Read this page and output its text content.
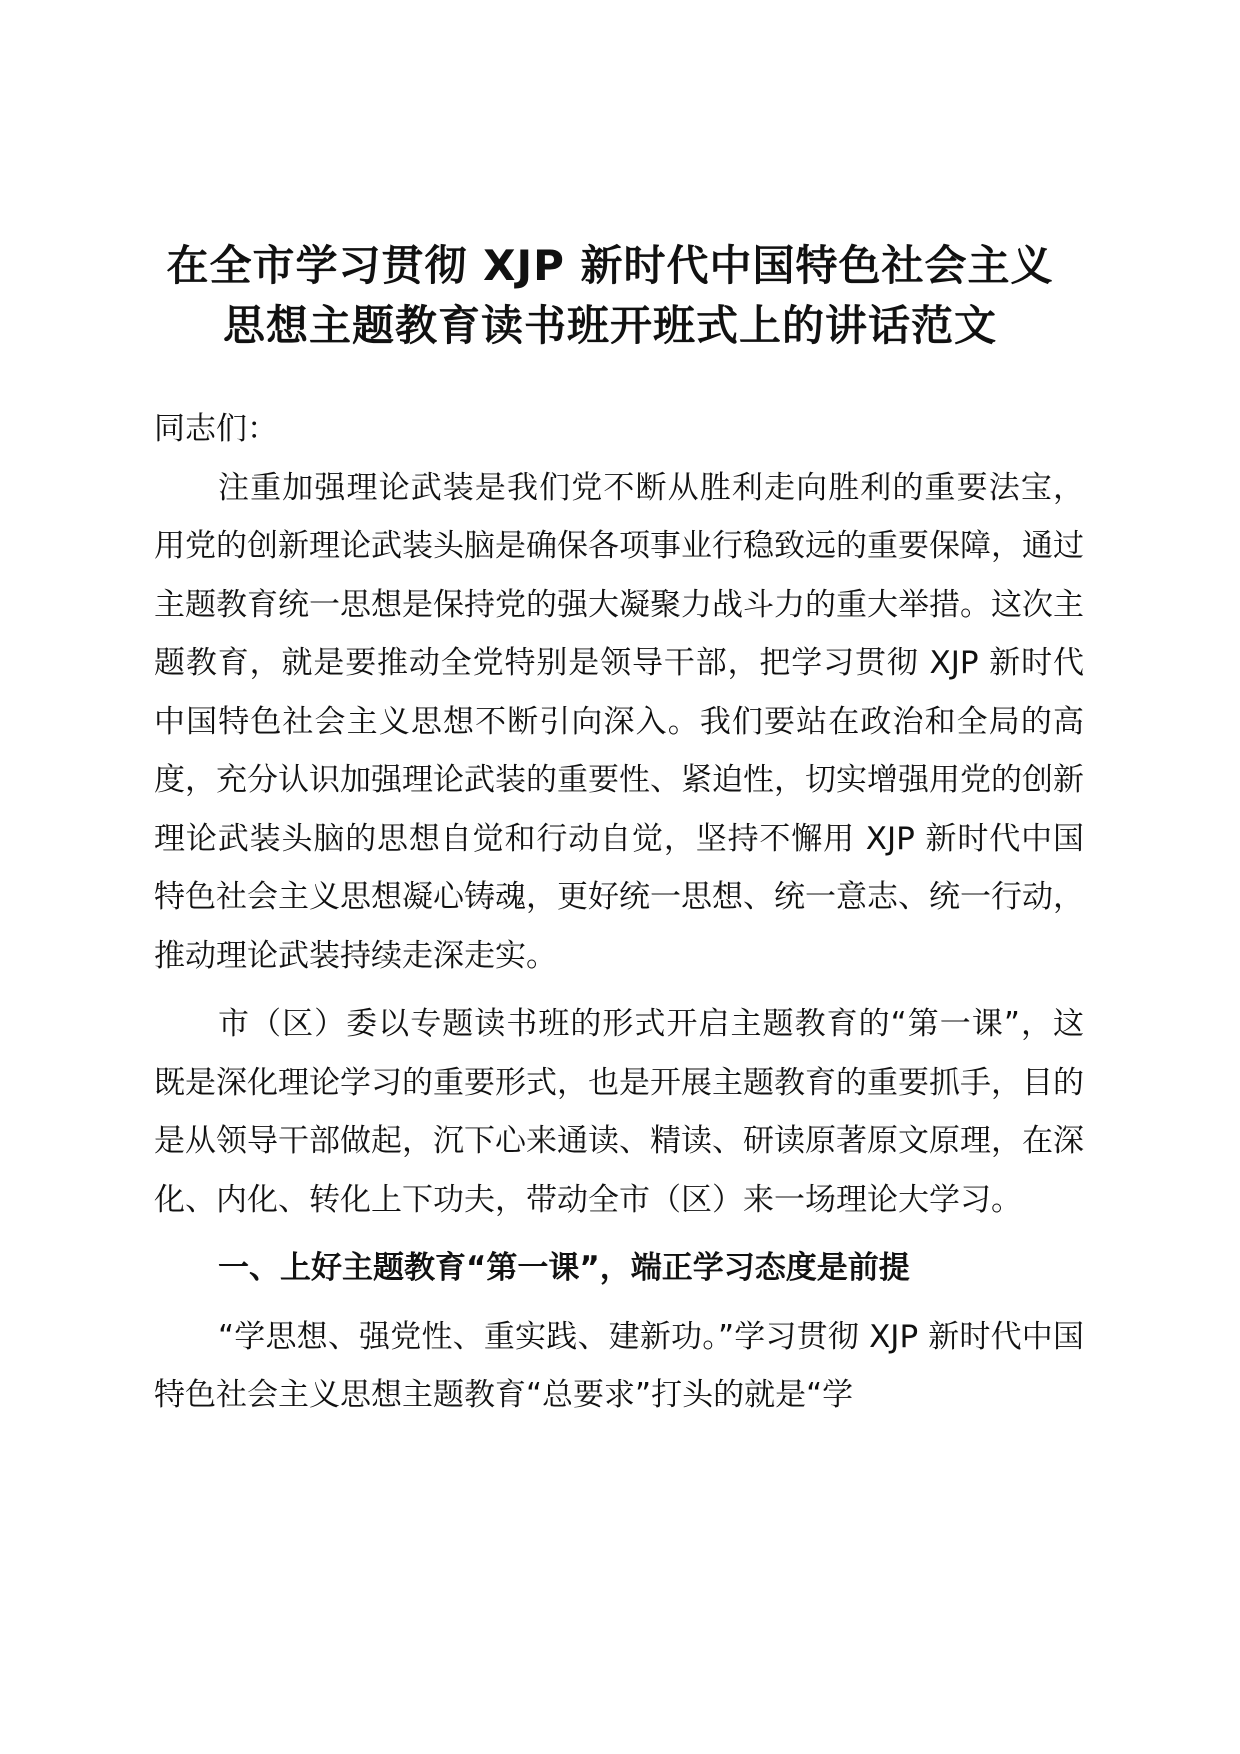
在全市学习贯彻 XJP 新时代中国特色社会主义
思想主题教育读书班开班式上的讲话范文

同志们：

注重加强理论武装是我们党不断从胜利走向胜利的重要法宝，用党的创新理论武装头脑是确保各项事业行稳致远的重要保障，通过主题教育统一思想是保持党的强大凝聚力战斗力的重大举措。这次主题教育，就是要推动全党特别是领导干部，把学习贯彻 XJP 新时代中国特色社会主义思想不断引向深入。我们要站在政治和全局的高度，充分认识加强理论武装的重要性、紧迫性，切实增强用党的创新理论武装头脑的思想自觉和行动自觉，坚持不懈用 XJP 新时代中国特色社会主义思想凝心铸魂，更好统一思想、统一意志、统一行动，推动理论武装持续走深走实。

市（区）委以专题读书班的形式开启主题教育的“第一课”，这既是深化理论学习的重要形式，也是开展主题教育的重要抓手，目的是从领导干部做起，沉下心来通读、精读、研读原著原文原理，在深化、内化、转化上下功夫，带动全市（区）来一场理论大学习。

一、上好主题教育“第一课”，端正学习态度是前提

“学思想、强党性、重实践、建新功。”学习贯彻 XJP 新时代中国特色社会主义思想主题教育“总要求”打头的就是“学
